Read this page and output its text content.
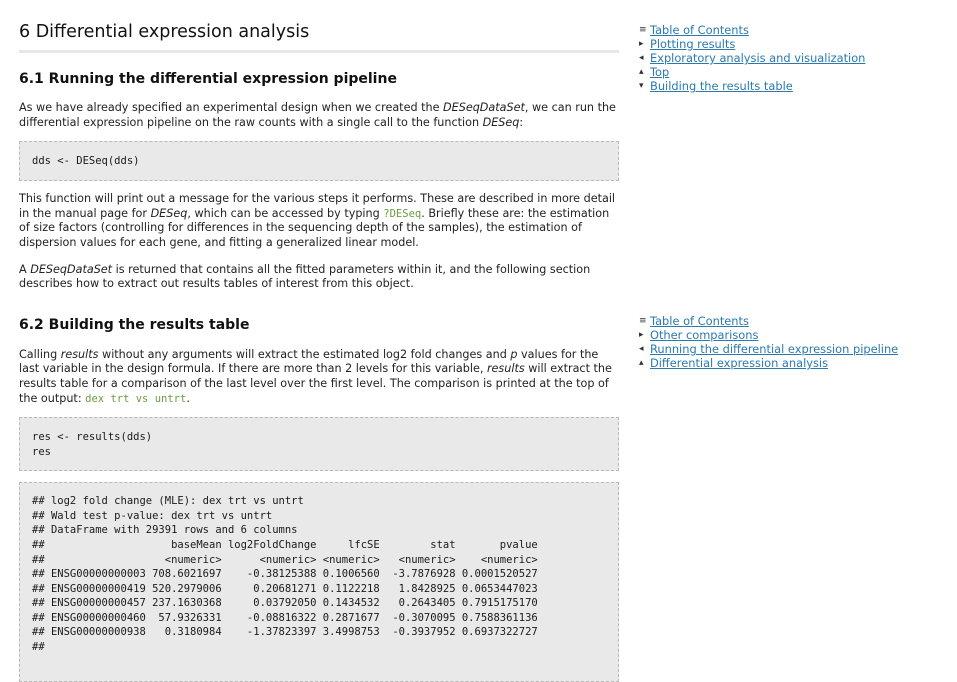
6 Differential expression analysis
6.1 Running the differential expression pipeline

As we have already specified an experimental design when we created the DESeqDataSet, we can run the differential expression pipeline on the raw counts with a single call to the function DESeq:

dds <- DESeq(dds)

This function will print out a message for the various steps it performs. These are described in more detail in the manual page for DESeq, which can be accessed by typing ?DESeq. Briefly these are: the estimation of size factors (controlling for differences in the sequencing depth of the samples), the estimation of dispersion values for each gene, and fitting a generalized linear model.

A DESeqDataSet is returned that contains all the fitted parameters within it, and the following section describes how to extract out results tables of interest from this object.

6.2 Building the results table

Calling results without any arguments will extract the estimated log2 fold changes and p values for the last variable in the design formula. If there are more than 2 levels for this variable, results will extract the results table for a comparison of the last level over the first level. The comparison is printed at the top of the output: dex trt vs untrt.

res <- results(dds)
res
## log2 fold change (MLE): dex trt vs untrt
## Wald test p-value: dex trt vs untrt
## DataFrame with 29391 rows and 6 columns
##                    baseMean log2FoldChange     lfcSE        stat       pvalue
##                   <numeric>      <numeric> <numeric>   <numeric>    <numeric>
## ENSG00000000003 708.6021697    -0.38125388 0.1006560  -3.7876928 0.0001520527
## ENSG00000000419 520.2979006     0.20681271 0.1122218   1.8428925 0.0653447023
## ENSG00000000457 237.1630368     0.03792050 0.1434532   0.2643405 0.7915175170
## ENSG00000000460  57.9326331    -0.08816322 0.2871677  -0.3070095 0.7588361136
## ENSG00000000938   0.3180984    -1.37823397 3.4998753  -0.3937952 0.6937322727
##
≡ Table of Contents
▸ Plotting results
◂ Exploratory analysis and visualization
▴ Top
▾ Building the results table
≡ Table of Contents
▸ Other comparisons
◂ Running the differential expression pipeline
▴ Differential expression analysis
